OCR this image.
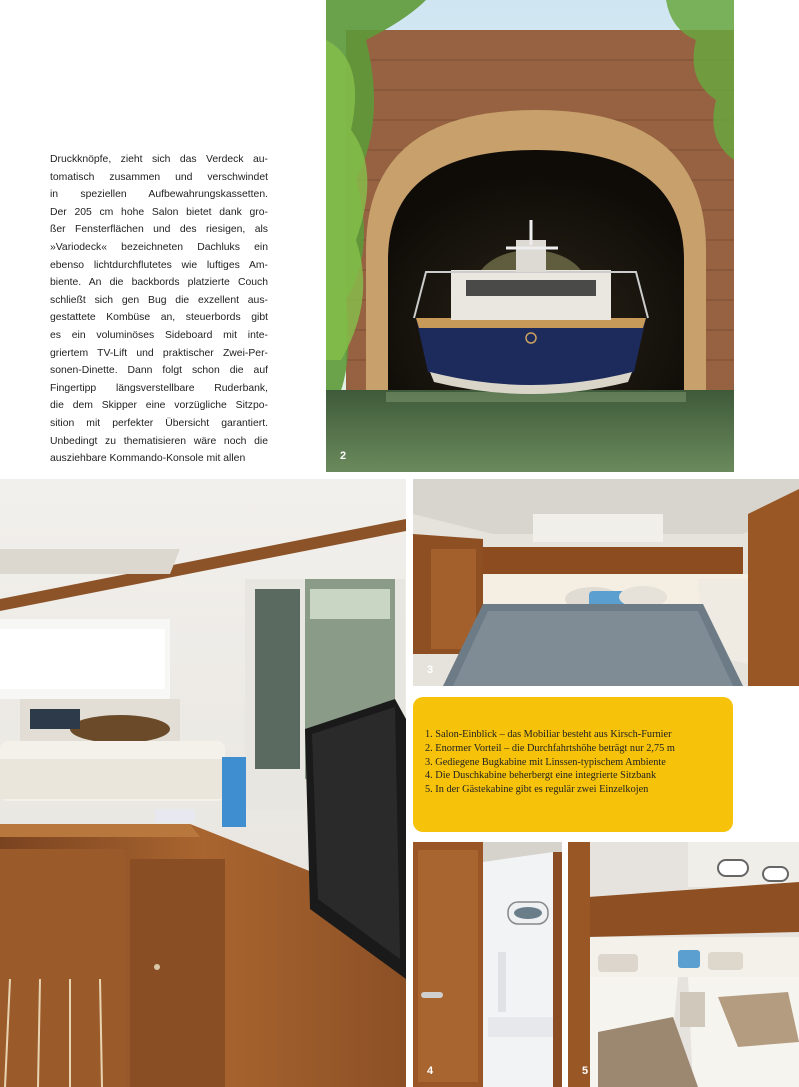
Druckknöpfe, zieht sich das Verdeck au-
tomatisch zusammen und verschwindet
in speziellen Aufbewahrungskassetten.
Der 205 cm hohe Salon bietet dank gro-
ßer Fensterflächen und des riesigen, als
»Variodeck« bezeichneten Dachluks ein
ebenso lichtdurchflutetes wie luftiges Am-
biente. An die backbords platzierte Couch
schließt sich gen Bug die exzellent aus-
gestattete Kombüse an, steuerbords gibt
es ein voluminöses Sideboard mit inte-
griertem TV-Lift und praktischer Zwei-Per-
sonen-Dinette. Dann folgt schon die auf
Fingertipp längsverstellbare Ruderbank,
die dem Skipper eine vorzügliche Sitzpo-
sition mit perfekter Übersicht garantiert.
Unbedingt zu thematisieren wäre noch die
ausziehbare Kommando-Konsole mit allen	2
3
1. Salon-Einblick – das Mobiliar besteht aus Kirsch-Furnier
2. Enormer Vorteil – die Durchfahrtshöhe beträgt nur 2,75 m
3. Gediegene Bugkabine mit Linssen-typischem Ambiente
4. Die Duschkabine beherbergt eine integrierte Sitzbank
5. In der Gästekabine gibt es regulär zwei Einzelkojen
4	5
